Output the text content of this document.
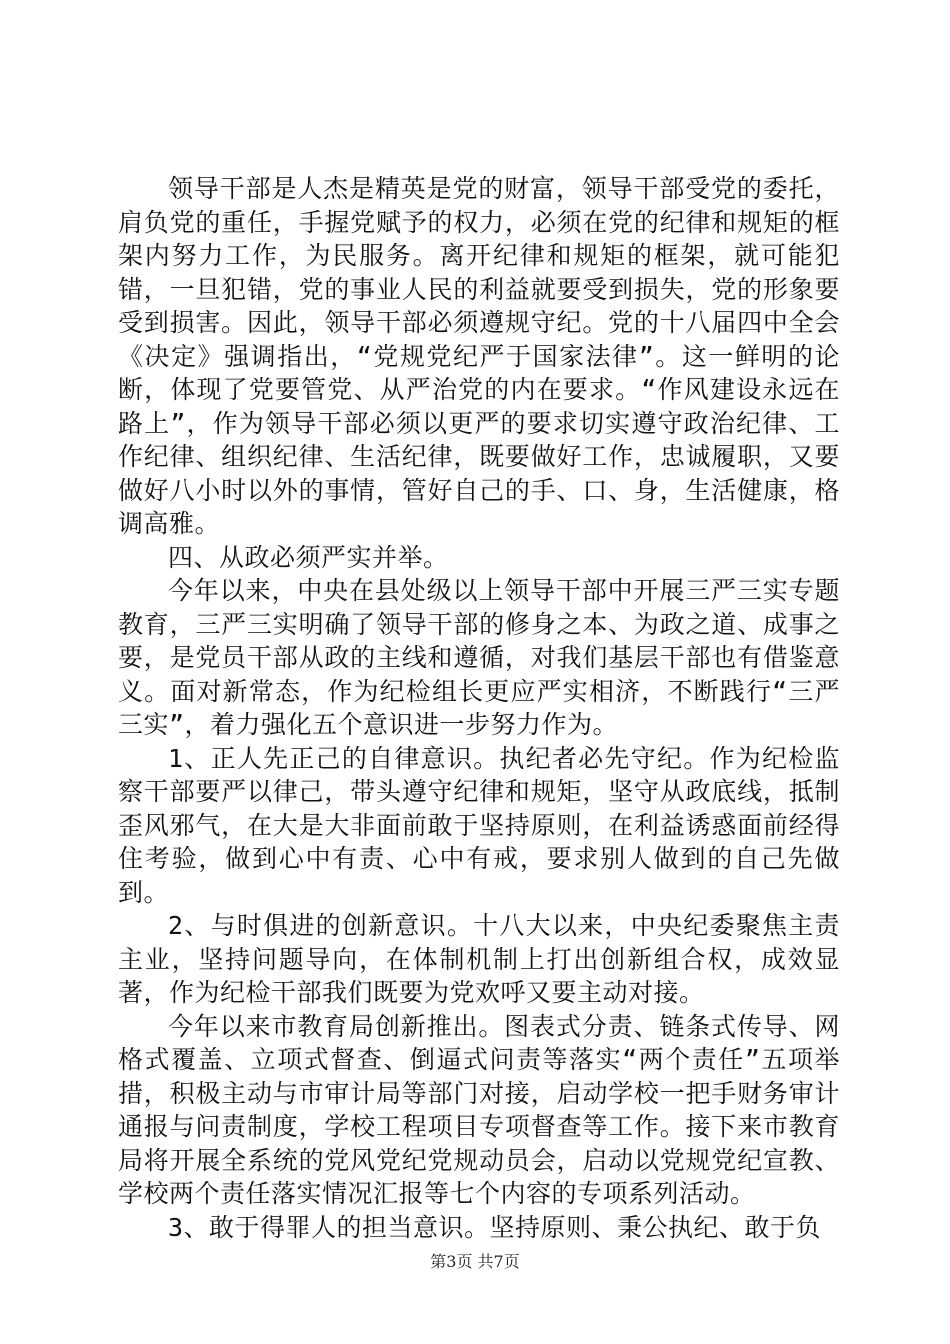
领导干部是人杰是精英是党的财富，领导干部受党的委托，肩负党的重任，手握党赋予的权力，必须在党的纪律和规矩的框架内努力工作，为民服务。离开纪律和规矩的框架，就可能犯错，一旦犯错，党的事业人民的利益就要受到损失，党的形象要受到损害。因此，领导干部必须遵规守纪。党的十八届四中全会《决定》强调指出，“党规党纪严于国家法律”。这一鲜明的论断，体现了党要管党、从严治党的内在要求。“作风建设永远在路上”，作为领导干部必须以更严的要求切实遵守政治纪律、工作纪律、组织纪律、生活纪律，既要做好工作，忠诚履职，又要做好八小时以外的事情，管好自己的手、口、身，生活健康，格调高雅。

四、从政必须严实并举。

今年以来，中央在县处级以上领导干部中开展三严三实专题教育，三严三实明确了领导干部的修身之本、为政之道、成事之要，是党员干部从政的主线和遵循，对我们基层干部也有借鉴意义。面对新常态，作为纪检组长更应严实相济，不断践行“三严三实”，着力强化五个意识进一步努力作为。

1、正人先正己的自律意识。执纪者必先守纪。作为纪检监察干部要严以律己，带头遵守纪律和规矩，坚守从政底线，抵制歪风邪气，在大是大非面前敢于坚持原则，在利益诱惑面前经得住考验，做到心中有责、心中有戒，要求别人做到的自己先做到。

2、与时俱进的创新意识。十八大以来，中央纪委聚焦主责主业，坚持问题导向，在体制机制上打出创新组合权，成效显著，作为纪检干部我们既要为党欢呼又要主动对接。

今年以来市教育局创新推出。图表式分责、链条式传导、网格式覆盖、立项式督查、倒逼式问责等落实“两个责任”五项举措，积极主动与市审计局等部门对接，启动学校一把手财务审计通报与问责制度，学校工程项目专项督查等工作。接下来市教育局将开展全系统的党风党纪党规动员会，启动以党规党纪宣教、学校两个责任落实情况汇报等七个内容的专项系列活动。

3、敢于得罪人的担当意识。坚持原则、秉公执纪、敢于负

第3页 共7页
